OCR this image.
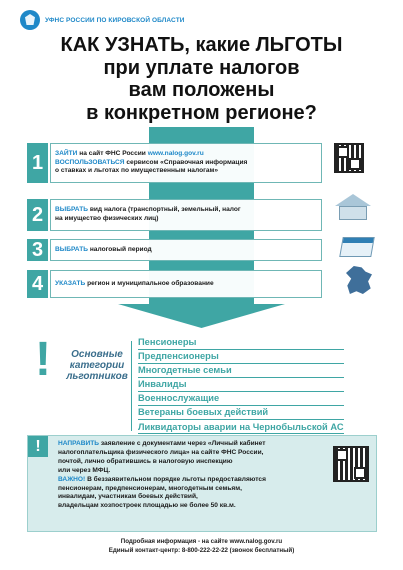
УФНС РОССИИ ПО КИРОВСКОЙ ОБЛАСТИ
КАК УЗНАТЬ, какие ЛЬГОТЫ
при уплате налогов
вам положены
в конкретном регионе?
1	ЗАЙТИ на сайт ФНС России www.nalog.gov.ru
ВОСПОЛЬЗОВАТЬСЯ сервисом «Справочная информация
о ставках и льготах по имущественным налогам»
2	ВЫБРАТЬ вид налога (транспортный, земельный, налог
на имущество физических лиц)
3	ВЫБРАТЬ налоговый период
4	УКАЗАТЬ регион и муниципальное образование
!	Основные категории льготников
Пенсионеры
Предпенсионеры
Многодетные семьи
Инвалиды
Военнослужащие
Ветераны боевых действий
Ликвидаторы аварии на Чернобыльской АС
!	НАПРАВИТЬ заявление с документами через «Личный кабинет
налогоплательщика физического лица» на сайте ФНС России,
почтой, лично обратившись в налоговую инспекцию
или через МФЦ.
ВАЖНО! В беззаявительном порядке льготы предоставляются
пенсионерам, предпенсионерам, многодетным семьям,
инвалидам, участникам боевых действий,
владельцам хозпостроек площадью не более 50 кв.м.
Подробная информация - на сайте www.nalog.gov.ru
Единый контакт-центр: 8-800-222-22-22 (звонок бесплатный)
